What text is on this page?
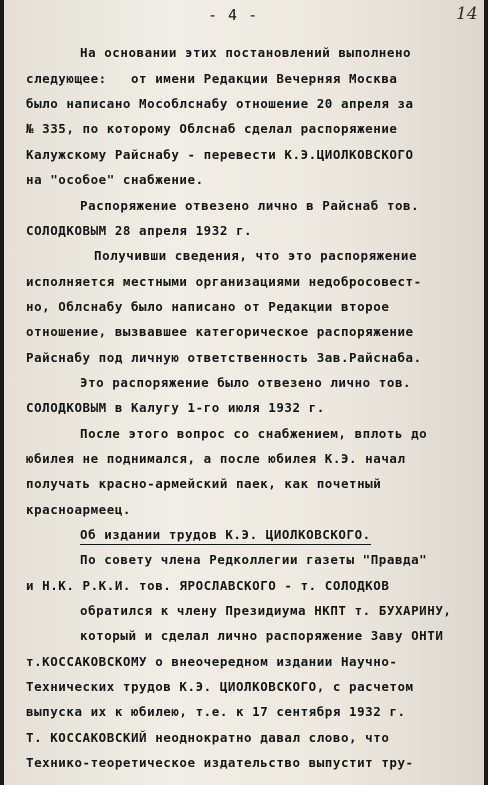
- 4 -	14
На основании этих постановлений выполнено
следующее:   от имени Редакции Вечерняя Москва
было написано Мособлснабу отношение 20 апреля за
№ 335, по которому Облснаб сделал распоряжение
Калужскому Райснабу - перевести К.Э.ЦИОЛКОВСКОГО
на "особое" снабжение.
Распоряжение отвезено лично в Райснаб тов.
СОЛОДКОВЫМ 28 апреля 1932 г.
Получивши сведения, что это распоряжение
исполняется местными организациями недобросовест-
но, Облснабу было написано от Редакции второе
отношение, вызвавшее категорическое распоряжение
Райснабу под личную ответственность Зав.Райснаба.
Это распоряжение было отвезено лично тов.
СОЛОДКОВЫМ в Калугу 1-го июля 1932 г.
После этого вопрос со снабжением, вплоть до
юбилея не поднимался, а после юбилея К.Э. начал
получать красно-армейский паек, как почетный
красноармеец.
Об издании трудов К.Э. ЦИОЛКОВСКОГО.
По совету члена Редколлегии газеты "Правда"
и Н.К. Р.К.И. тов. ЯРОСЛАВСКОГО - т. СОЛОДКОВ
обратился к члену Президиума НКПТ т. БУХАРИНУ,
который и сделал лично распоряжение Заву ОНТИ
т.КОССАКОВСКОМУ о внеочередном издании Научно-
Технических трудов К.Э. ЦИОЛКОВСКОГО, с расчетом
выпуска их к юбилею, т.е. к 17 сентября 1932 г.
Т. КОССАКОВСКИЙ неоднократно давал слово, что
Технико-теоретическое издательство выпустит тру-
